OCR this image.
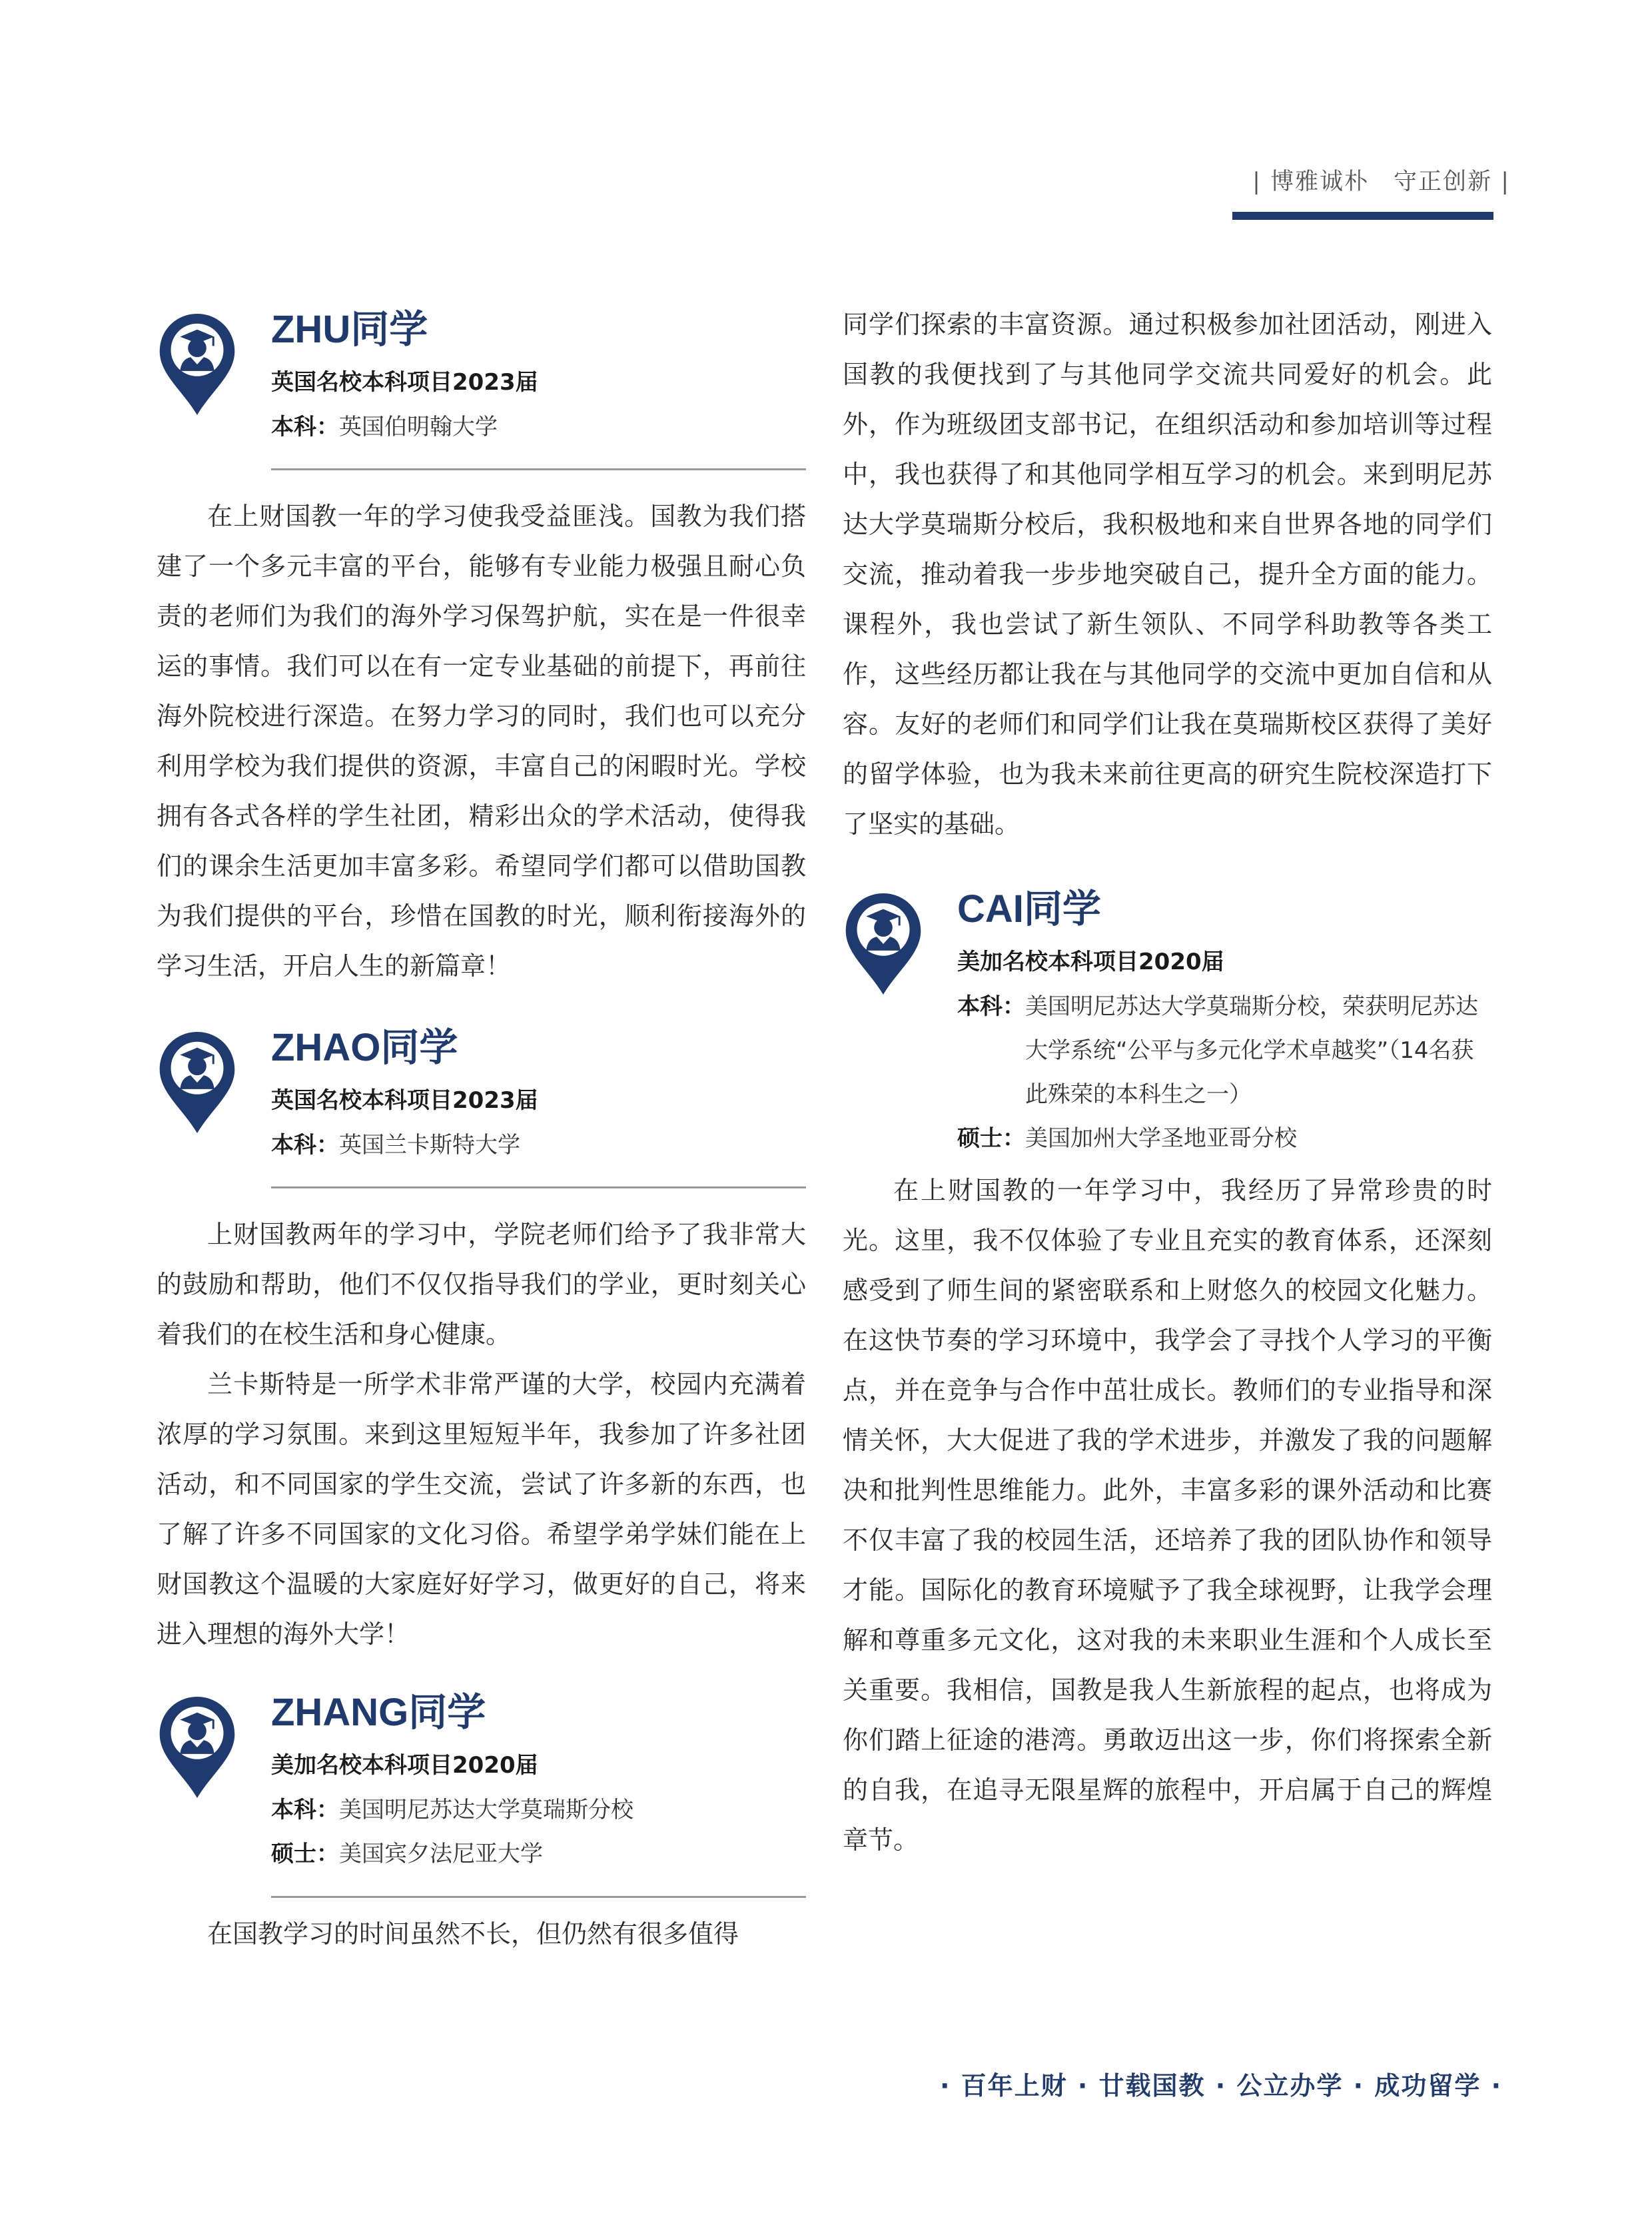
| 博雅诚朴　守正创新 |
ZHU同学
英国名校本科项目2023届
本科： 英国伯明翰大学

在上财国教一年的学习使我受益匪浅。国教为我们搭建了一个多元丰富的平台，能够有专业能力极强且耐心负责的老师们为我们的海外学习保驾护航，实在是一件很幸运的事情。我们可以在有一定专业基础的前提下，再前往海外院校进行深造。在努力学习的同时，我们也可以充分利用学校为我们提供的资源，丰富自己的闲暇时光。学校拥有各式各样的学生社团，精彩出众的学术活动，使得我们的课余生活更加丰富多彩。希望同学们都可以借助国教为我们提供的平台，珍惜在国教的时光，顺利衔接海外的学习生活，开启人生的新篇章！

ZHAO同学
英国名校本科项目2023届
本科： 英国兰卡斯特大学

上财国教两年的学习中，学院老师们给予了我非常大的鼓励和帮助，他们不仅仅指导我们的学业，更时刻关心着我们的在校生活和身心健康。

兰卡斯特是一所学术非常严谨的大学，校园内充满着浓厚的学习氛围。来到这里短短半年，我参加了许多社团活动，和不同国家的学生交流，尝试了许多新的东西，也了解了许多不同国家的文化习俗。希望学弟学妹们能在上财国教这个温暖的大家庭好好学习，做更好的自己，将来进入理想的海外大学！

ZHANG同学
美加名校本科项目2020届
本科： 美国明尼苏达大学莫瑞斯分校
硕士： 美国宾夕法尼亚大学

在国教学习的时间虽然不长，但仍然有很多值得

同学们探索的丰富资源。通过积极参加社团活动，刚进入国教的我便找到了与其他同学交流共同爱好的机会。此外，作为班级团支部书记，在组织活动和参加培训等过程中，我也获得了和其他同学相互学习的机会。来到明尼苏达大学莫瑞斯分校后，我积极地和来自世界各地的同学们交流，推动着我一步步地突破自己，提升全方面的能力。课程外，我也尝试了新生领队、不同学科助教等各类工作，这些经历都让我在与其他同学的交流中更加自信和从容。友好的老师们和同学们让我在莫瑞斯校区获得了美好的留学体验，也为我未来前往更高的研究生院校深造打下了坚实的基础。

CAI同学
美加名校本科项目2020届
本科： 美国明尼苏达大学莫瑞斯分校，荣获明尼苏达大学系统“公平与多元化学术卓越奖”（14名获此殊荣的本科生之一）
硕士： 美国加州大学圣地亚哥分校

在上财国教的一年学习中，我经历了异常珍贵的时光。这里，我不仅体验了专业且充实的教育体系，还深刻感受到了师生间的紧密联系和上财悠久的校园文化魅力。在这快节奏的学习环境中，我学会了寻找个人学习的平衡点，并在竞争与合作中茁壮成长。教师们的专业指导和深情关怀，大大促进了我的学术进步，并激发了我的问题解决和批判性思维能力。此外，丰富多彩的课外活动和比赛不仅丰富了我的校园生活，还培养了我的团队协作和领导才能。国际化的教育环境赋予了我全球视野，让我学会理解和尊重多元文化，这对我的未来职业生涯和个人成长至关重要。我相信，国教是我人生新旅程的起点，也将成为你们踏上征途的港湾。勇敢迈出这一步，你们将探索全新的自我，在追寻无限星辉的旅程中，开启属于自己的辉煌章节。

· 百年上财 · 廿载国教 · 公立办学 · 成功留学 ·
